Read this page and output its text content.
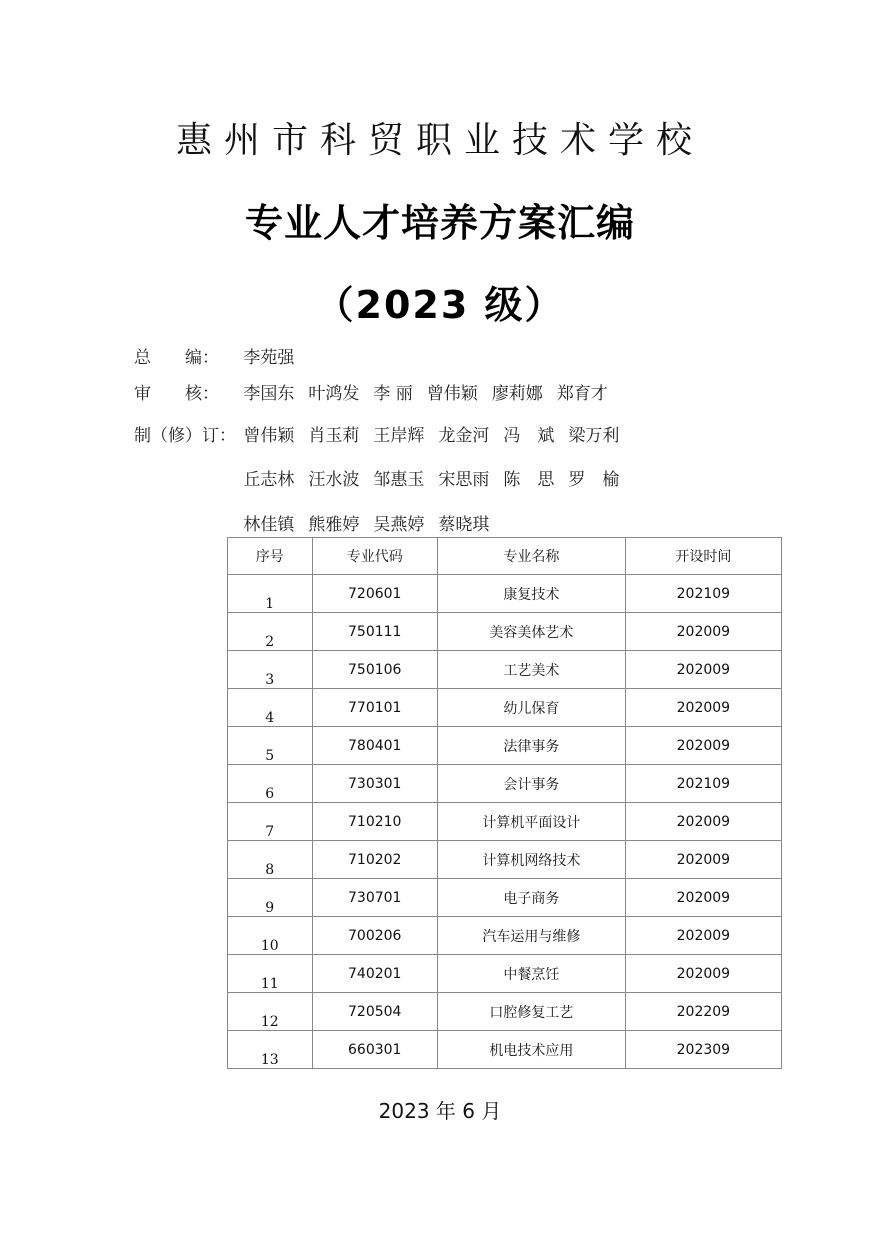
惠州市科贸职业技术学校
专业人才培养方案汇编
（2023 级）
总　　编： 李苑强
审　　核： 李国东 叶鸿发 李 丽 曾伟颖 廖莉娜 郑育才
制（修）订： 曾伟颖 肖玉莉 王岸辉 龙金河 冯　斌 梁万利
丘志林 汪水波 邹惠玉 宋思雨 陈　思 罗　榆
林佳镇 熊雅婷 吴燕婷 蔡晓琪
序号	专业代码	专业名称	开设时间
1	720601	康复技术	202109
2	750111	美容美体艺术	202009
3	750106	工艺美术	202009
4	770101	幼儿保育	202009
5	780401	法律事务	202009
6	730301	会计事务	202109
7	710210	计算机平面设计	202009
8	710202	计算机网络技术	202009
9	730701	电子商务	202009
10	700206	汽车运用与维修	202009
11	740201	中餐烹饪	202009
12	720504	口腔修复工艺	202209
13	660301	机电技术应用	202309
2023 年 6 月
